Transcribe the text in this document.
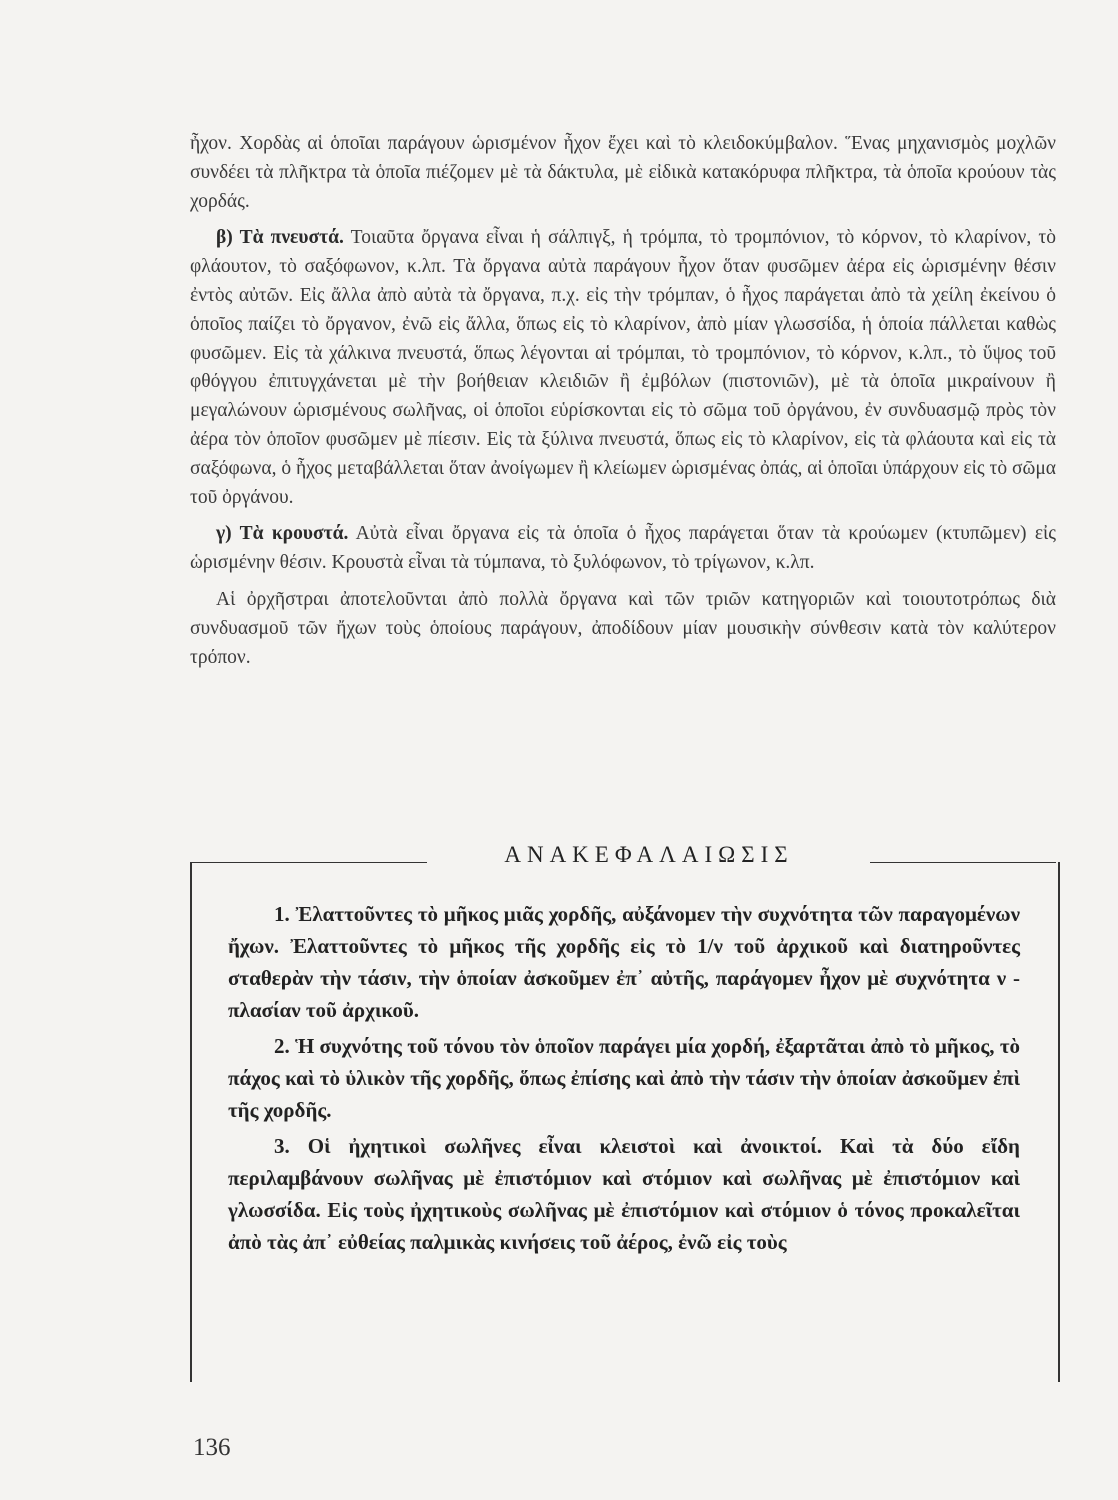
ἦχον. Χορδὰς αἱ ὁποῖαι παράγουν ὡρισμένον ἦχον ἔχει καὶ τὸ κλειδοκύμβαλον. Ἕνας μηχανισμὸς μοχλῶν συνδέει τὰ πλῆκτρα τὰ ὁποῖα πιέζομεν μὲ τὰ δάκτυλα, μὲ εἰδικὰ κατακόρυφα πλῆκτρα, τὰ ὁποῖα κρούουν τὰς χορδάς.

β) Τὰ πνευστά. Τοιαῦτα ὄργανα εἶναι ἡ σάλπιγξ, ἡ τρόμπα, τὸ τρομπόνιον, τὸ κόρνον, τὸ κλαρίνον, τὸ φλάουτον, τὸ σαξόφωνον, κ.λπ. Τὰ ὄργανα αὐτὰ παράγουν ἦχον ὅταν φυσῶμεν ἀέρα εἰς ὡρισμένην θέσιν ἐντὸς αὐτῶν. Εἰς ἄλλα ἀπὸ αὐτὰ τὰ ὄργανα, π.χ. εἰς τὴν τρόμπαν, ὁ ἦχος παράγεται ἀπὸ τὰ χείλη ἐκείνου ὁ ὁποῖος παίζει τὸ ὄργανον, ἐνῶ εἰς ἄλλα, ὅπως εἰς τὸ κλαρίνον, ἀπὸ μίαν γλωσσίδα, ἡ ὁποία πάλλεται καθὼς φυσῶμεν. Εἰς τὰ χάλκινα πνευστά, ὅπως λέγονται αἱ τρόμπαι, τὸ τρομπόνιον, τὸ κόρνον, κ.λπ., τὸ ὕψος τοῦ φθόγγου ἐπιτυγχάνεται μὲ τὴν βοήθειαν κλειδιῶν ἢ ἐμβόλων (πιστονιῶν), μὲ τὰ ὁποῖα μικραίνουν ἢ μεγαλώνουν ὡρισμένους σωλῆνας, οἱ ὁποῖοι εὑρίσκονται εἰς τὸ σῶμα τοῦ ὀργάνου, ἐν συνδυασμῷ πρὸς τὸν ἀέρα τὸν ὁποῖον φυσῶμεν μὲ πίεσιν. Εἰς τὰ ξύλινα πνευστά, ὅπως εἰς τὸ κλαρίνον, εἰς τὰ φλάουτα καὶ εἰς τὰ σαξόφωνα, ὁ ἦχος μεταβάλλεται ὅταν ἀνοίγωμεν ἢ κλείωμεν ὡρισμένας ὀπάς, αἱ ὁποῖαι ὑπάρχουν εἰς τὸ σῶμα τοῦ ὀργάνου.

γ) Τὰ κρουστά. Αὐτὰ εἶναι ὄργανα εἰς τὰ ὁποῖα ὁ ἦχος παράγεται ὅταν τὰ κρούωμεν (κτυπῶμεν) εἰς ὡρισμένην θέσιν. Κρουστὰ εἶναι τὰ τύμπανα, τὸ ξυλόφωνον, τὸ τρίγωνον, κ.λπ.

Αἱ ὀρχῆστραι ἀποτελοῦνται ἀπὸ πολλὰ ὄργανα καὶ τῶν τριῶν κατηγοριῶν καὶ τοιουτοτρόπως διὰ συνδυασμοῦ τῶν ἤχων τοὺς ὁποίους παράγουν, ἀποδίδουν μίαν μουσικὴν σύνθεσιν κατὰ τὸν καλύτερον τρόπον.

ΑΝΑΚΕΦΑΛΑΙΩΣΙΣ

1. Ἐλαττοῦντες τὸ μῆκος μιᾶς χορδῆς, αὐξάνομεν τὴν συχνότητα τῶν παραγομένων ἤχων. Ἐλαττοῦντες τὸ μῆκος τῆς χορδῆς εἰς τὸ 1/ν τοῦ ἀρχικοῦ καὶ διατηροῦντες σταθερὰν τὴν τάσιν, τὴν ὁποίαν ἀσκοῦμεν ἐπ᾿ αὐτῆς, παράγομεν ἦχον μὲ συχνότητα ν - πλασίαν τοῦ ἀρχικοῦ.

2. Ἡ συχνότης τοῦ τόνου τὸν ὁποῖον παράγει μία χορδή, ἐξαρτᾶται ἀπὸ τὸ μῆκος, τὸ πάχος καὶ τὸ ὑλικὸν τῆς χορδῆς, ὅπως ἐπίσης καὶ ἀπὸ τὴν τάσιν τὴν ὁποίαν ἀσκοῦμεν ἐπὶ τῆς χορδῆς.

3. Οἱ ἠχητικοὶ σωλῆνες εἶναι κλειστοὶ καὶ ἀνοικτοί. Καὶ τὰ δύο εἴδη περιλαμβάνουν σωλῆνας μὲ ἐπιστόμιον καὶ στόμιον καὶ σωλῆνας μὲ ἐπιστόμιον καὶ γλωσσίδα. Εἰς τοὺς ἠχητικοὺς σωλῆνας μὲ ἐπιστόμιον καὶ στόμιον ὁ τόνος προκαλεῖται ἀπὸ τὰς ἀπ᾿ εὐθείας παλμικὰς κινήσεις τοῦ ἀέρος, ἐνῶ εἰς τοὺς

136
